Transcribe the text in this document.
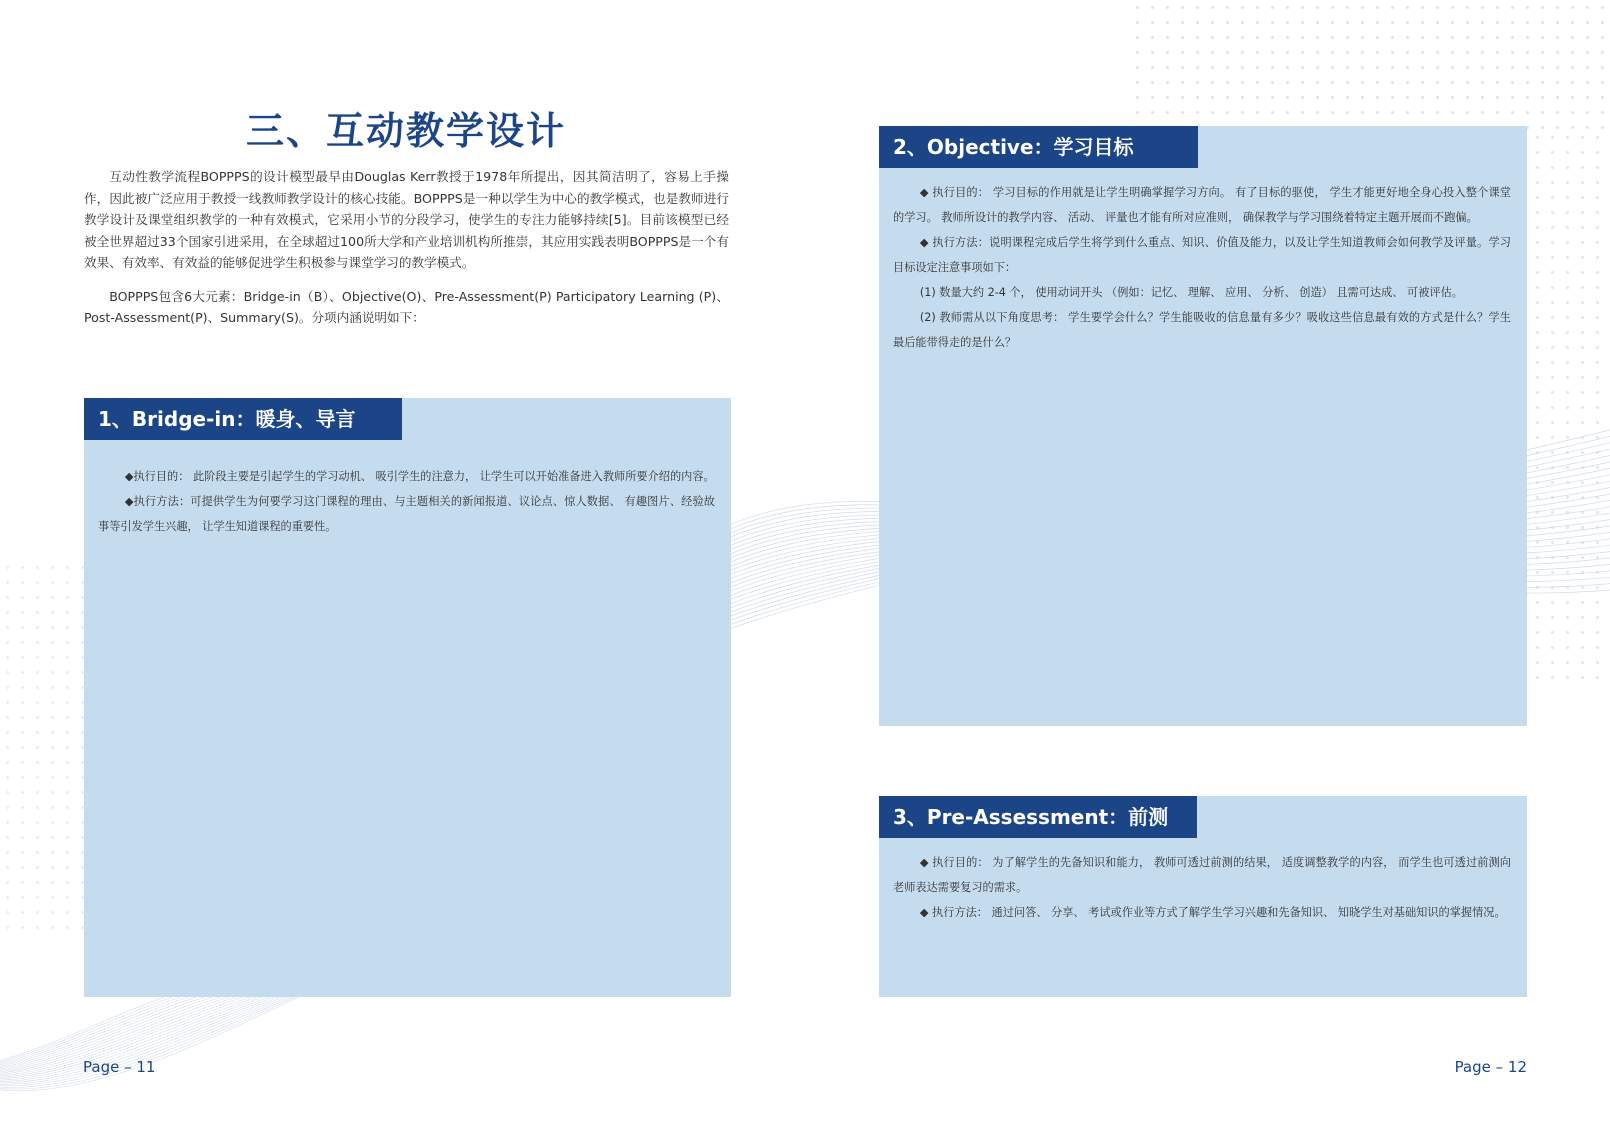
三、互动教学设计

互动性教学流程BOPPPS的设计模型最早由Douglas Kerr教授于1978年所提出，因其简洁明了，容易上手操作，因此被广泛应用于教授一线教师教学设计的核心技能。BOPPPS是一种以学生为中心的教学模式，也是教师进行教学设计及课堂组织教学的一种有效模式，它采用小节的分段学习，使学生的专注力能够持续[5]。目前该模型已经被全世界超过33个国家引进采用，在全球超过100所大学和产业培训机构所推崇，其应用实践表明BOPPPS是一个有效果、有效率、有效益的能够促进学生积极参与课堂学习的教学模式。

BOPPPS包含6大元素：Bridge-in（B）、Objective(O)、Pre-Assessment(P) Participatory Learning (P)、Post-Assessment(P)、Summary(S)。分项内涵说明如下：

1、Bridge-in：暖身、导言

◆执行目的： 此阶段主要是引起学生的学习动机、 吸引学生的注意力， 让学生可以开始准备进入教师所要介绍的内容。

◆执行方法：可提供学生为何要学习这门课程的理由、与主题相关的新闻报道、议论点、惊人数据、 有趣图片、经验故事等引发学生兴趣， 让学生知道课程的重要性。

2、Objective：学习目标

◆ 执行目的： 学习目标的作用就是让学生明确掌握学习方向。 有了目标的驱使， 学生才能更好地全身心投入整个课堂的学习。 教师所设计的教学内容、 活动、 评量也才能有所对应准则， 确保教学与学习围绕着特定主题开展而不跑偏。

◆ 执行方法：说明课程完成后学生将学到什么重点、知识、价值及能力，以及让学生知道教师会如何教学及评量。学习目标设定注意事项如下：

(1) 数量大约 2-4 个， 使用动词开头 （例如：记忆、 理解、 应用、 分析、 创造） 且需可达成、 可被评估。

(2) 教师需从以下角度思考： 学生要学会什么？学生能吸收的信息量有多少？吸收这些信息最有效的方式是什么？学生最后能带得走的是什么？

3、Pre-Assessment：前测

◆ 执行目的： 为了解学生的先备知识和能力， 教师可透过前测的结果， 适度调整教学的内容， 而学生也可透过前测向老师表达需要复习的需求。

◆ 执行方法： 通过问答、 分享、 考试或作业等方式了解学生学习兴趣和先备知识、 知晓学生对基础知识的掌握情况。

Page – 11	Page – 12
